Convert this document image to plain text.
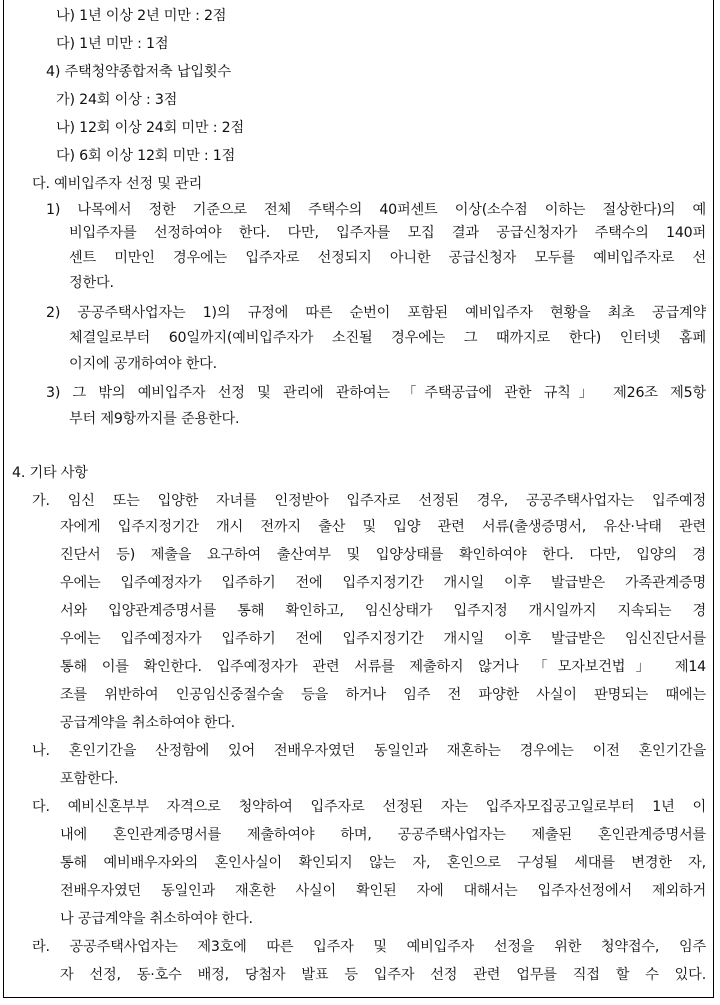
나) 1년 이상 2년 미만 : 2점
다) 1년 미만 : 1점
4) 주택청약종합저축 납입횟수
가) 24회 이상 : 3점
나) 12회 이상 24회 미만 : 2점
다) 6회 이상 12회 미만 : 1점
다. 예비입주자 선정 및 관리
1) 나목에서 정한 기준으로 전체 주택수의 40퍼센트 이상(소수점 이하는 절상한다)의 예
비입주자를 선정하여야 한다. 다만, 입주자를 모집 결과 공급신청자가 주택수의 140퍼
센트 미만인 경우에는 입주자로 선정되지 아니한 공급신청자 모두를 예비입주자로 선
정한다.
2) 공공주택사업자는 1)의 규정에 따른 순번이 포함된 예비입주자 현황을 최초 공급계약
체결일로부터 60일까지(예비입주자가 소진될 경우에는 그 때까지로 한다) 인터넷 홈페
이지에 공개하여야 한다.
3) 그 밖의 예비입주자 선정 및 관리에 관하여는 「주택공급에 관한 규칙」 제26조 제5항
부터 제9항까지를 준용한다.
4. 기타 사항
가. 임신 또는 입양한 자녀를 인정받아 입주자로 선정된 경우, 공공주택사업자는 입주예정
자에게 입주지정기간 개시 전까지 출산 및 입양 관련 서류(출생증명서, 유산·낙태 관련
진단서 등) 제출을 요구하여 출산여부 및 입양상태를 확인하여야 한다. 다만, 입양의 경
우에는 입주예정자가 입주하기 전에 입주지정기간 개시일 이후 발급받은 가족관계증명
서와 입양관계증명서를 통해 확인하고, 임신상태가 입주지정 개시일까지 지속되는 경
우에는 입주예정자가 입주하기 전에 입주지정기간 개시일 이후 발급받은 임신진단서를
통해 이를 확인한다. 입주예정자가 관련 서류를 제출하지 않거나 「모자보건법」 제14
조를 위반하여 인공임신중절수술 등을 하거나 임주 전 파양한 사실이 판명되는 때에는
공급계약을 취소하여야 한다.
나. 혼인기간을 산정함에 있어 전배우자였던 동일인과 재혼하는 경우에는 이전 혼인기간을
포함한다.
다. 예비신혼부부 자격으로 청약하여 입주자로 선정된 자는 입주자모집공고일로부터 1년 이
내에 혼인관계증명서를 제출하여야 하며, 공공주택사업자는 제출된 혼인관계증명서를
통해 예비배우자와의 혼인사실이 확인되지 않는 자, 혼인으로 구성될 세대를 변경한 자,
전배우자였던 동일인과 재혼한 사실이 확인된 자에 대해서는 입주자선정에서 제외하거
나 공급계약을 취소하여야 한다.
라. 공공주택사업자는 제3호에 따른 입주자 및 예비입주자 선정을 위한 청약접수, 임주
자 선정, 동·호수 배정, 당첨자 발표 등 입주자 선정 관련 업무를 직접 할 수 있다.
